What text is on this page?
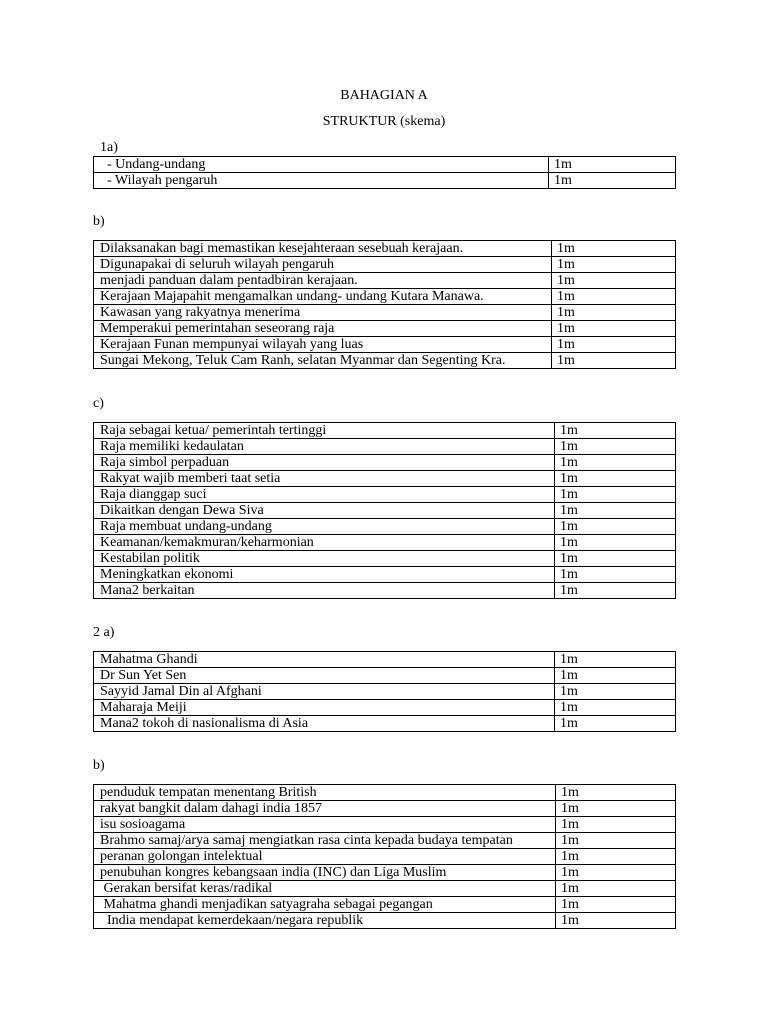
BAHAGIAN A
STRUKTUR (skema)
1a)
- Undang-undang	1m
- Wilayah pengaruh	1m
b)
Dilaksanakan bagi memastikan kesejahteraan sesebuah kerajaan.	1m
Digunapakai di seluruh wilayah pengaruh	1m
menjadi panduan dalam pentadbiran kerajaan.	1m
Kerajaan Majapahit mengamalkan undang- undang Kutara Manawa.	1m
Kawasan yang rakyatnya menerima	1m
Memperakui pemerintahan seseorang raja	1m
Kerajaan Funan mempunyai wilayah yang luas	1m
Sungai Mekong, Teluk Cam Ranh, selatan Myanmar dan Segenting Kra.	1m
c)
Raja sebagai ketua/ pemerintah tertinggi	1m
Raja memiliki kedaulatan	1m
Raja simbol perpaduan	1m
Rakyat wajib memberi taat setia	1m
Raja dianggap suci	1m
Dikaitkan dengan Dewa Siva	1m
Raja membuat undang-undang	1m
Keamanan/kemakmuran/keharmonian	1m
Kestabilan politik	1m
Meningkatkan ekonomi	1m
Mana2 berkaitan	1m
2 a)
Mahatma Ghandi	1m
Dr Sun Yet Sen	1m
Sayyid Jamal Din al Afghani	1m
Maharaja Meiji	1m
Mana2 tokoh di nasionalisma di Asia	1m
b)
penduduk tempatan menentang British	1m
rakyat bangkit dalam dahagi india 1857	1m
isu sosioagama	1m
Brahmo samaj/arya samaj mengiatkan rasa cinta kepada budaya tempatan	1m
peranan golongan intelektual	1m
penubuhan kongres kebangsaan india (INC) dan Liga Muslim	1m
Gerakan bersifat keras/radikal	1m
Mahatma ghandi menjadikan satyagraha sebagai pegangan	1m
India mendapat kemerdekaan/negara republik	1m
